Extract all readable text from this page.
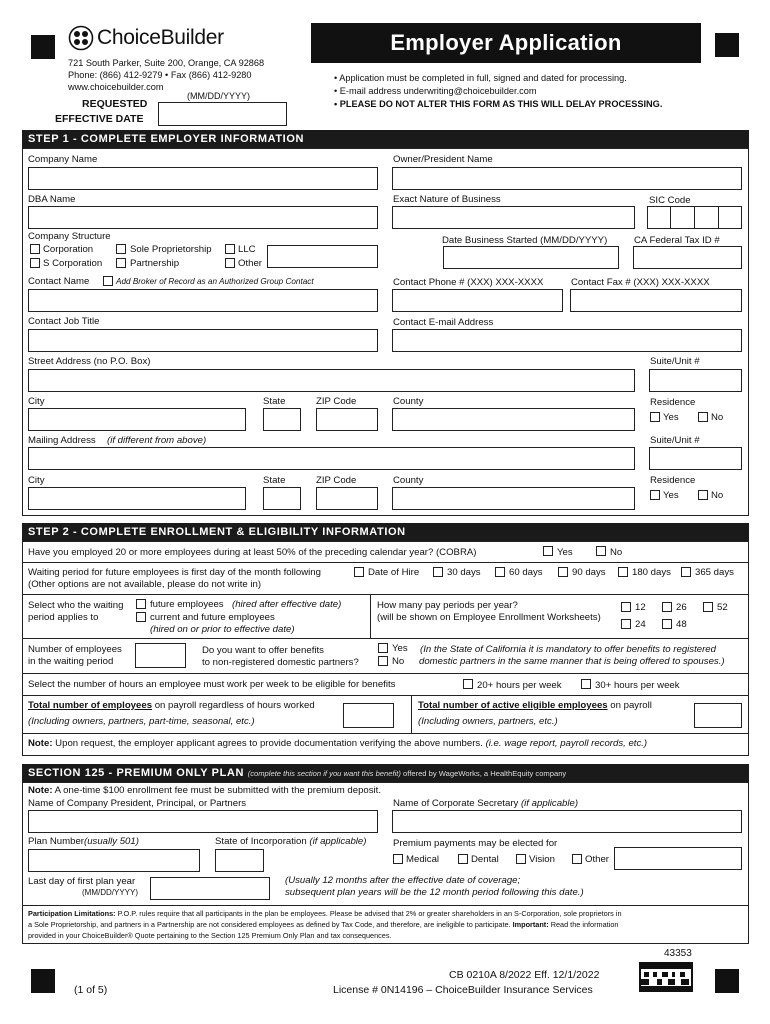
ChoiceBuilder
721 South Parker, Suite 200, Orange, CA 92868
Phone: (866) 412-9279 • Fax (866) 412-9280
www.choicebuilder.com
Employer Application
• Application must be completed in full, signed and dated for processing.
• E-mail address underwriting@choicebuilder.com
• PLEASE DO NOT ALTER THIS FORM AS THIS WILL DELAY PROCESSING.
REQUESTED
EFFECTIVE DATE
(MM/DD/YYYY)
STEP 1 - COMPLETE EMPLOYER INFORMATION
Company Name	Owner/President Name
DBA Name	Exact Nature of Business	SIC Code
Company Structure
Corporation	Sole Proprietorship	LLC
S Corporation	Partnership	Other
Date Business Started (MM/DD/YYYY)	CA Federal Tax ID #
Contact Name	Add Broker of Record as an Authorized Group Contact	Contact Phone # (XXX) XXX-XXXX	Contact Fax # (XXX) XXX-XXXX
Contact Job Title	Contact E-mail Address
Street Address (no P.O. Box)	Suite/Unit #
City	State	ZIP Code	County	Residence
Yes	No
Mailing Address (if different from above)	Suite/Unit #
City	State	ZIP Code	County	Residence
Yes	No
STEP 2 - COMPLETE ENROLLMENT & ELIGIBILITY INFORMATION
Have you employed 20 or more employees during at least 50% of the preceding calendar year? (COBRA)	Yes	No
Waiting period for future employees is first day of the month following
(Other options are not available, please do not write in)
Date of Hire	30 days	60 days	90 days	180 days	365 days
Select who the waiting
period applies to
future employees (hired after effective date)
current and future employees
(hired on or prior to effective date)
How many pay periods per year?
(will be shown on Employee Enrollment Worksheets)
12	26	52
24	48
Number of employees
in the waiting period
Do you want to offer benefits
to non-registered domestic partners?
Yes
No
(In the State of California it is mandatory to offer benefits to registered
domestic partners in the same manner that is being offered to spouses.)
Select the number of hours an employee must work per week to be eligible for benefits	20+ hours per week	30+ hours per week
Total number of employees on payroll regardless of hours worked
(Including owners, partners, part-time, seasonal, etc.)
Total number of active eligible employees on payroll
(Including owners, partners, etc.)
Note: Upon request, the employer applicant agrees to provide documentation verifying the above numbers. (i.e. wage report, payroll records, etc.)
SECTION 125 - PREMIUM ONLY PLAN (complete this section if you want this benefit) offered by WageWorks, a HealthEquity company
Note: A one-time $100 enrollment fee must be submitted with the premium deposit.
Name of Company President, Principal, or Partners	Name of Corporate Secretary (if applicable)
Plan Number(usually 501)	State of Incorporation (if applicable)	Premium payments may be elected for
Medical	Dental	Vision	Other
Last day of first plan year
(MM/DD/YYYY)
(Usually 12 months after the effective date of coverage;
subsequent plan years will be the 12 month period following this date.)
Participation Limitations: P.O.P. rules require that all participants in the plan be employees. Please be advised that 2% or greater shareholders in an S-Corporation, sole proprietors in
a Sole Proprietorship, and partners in a Partnership are not considered employees as defined by Tax Code, and therefore, are ineligible to participate. Important: Read the information
provided in your ChoiceBuilder® Quote pertaining to the Section 125 Premium Only Plan and tax consequences.
43353
(1 of 5)
CB 0210A 8/2022 Eff. 12/1/2022
License # 0N14196 – ChoiceBuilder Insurance Services
